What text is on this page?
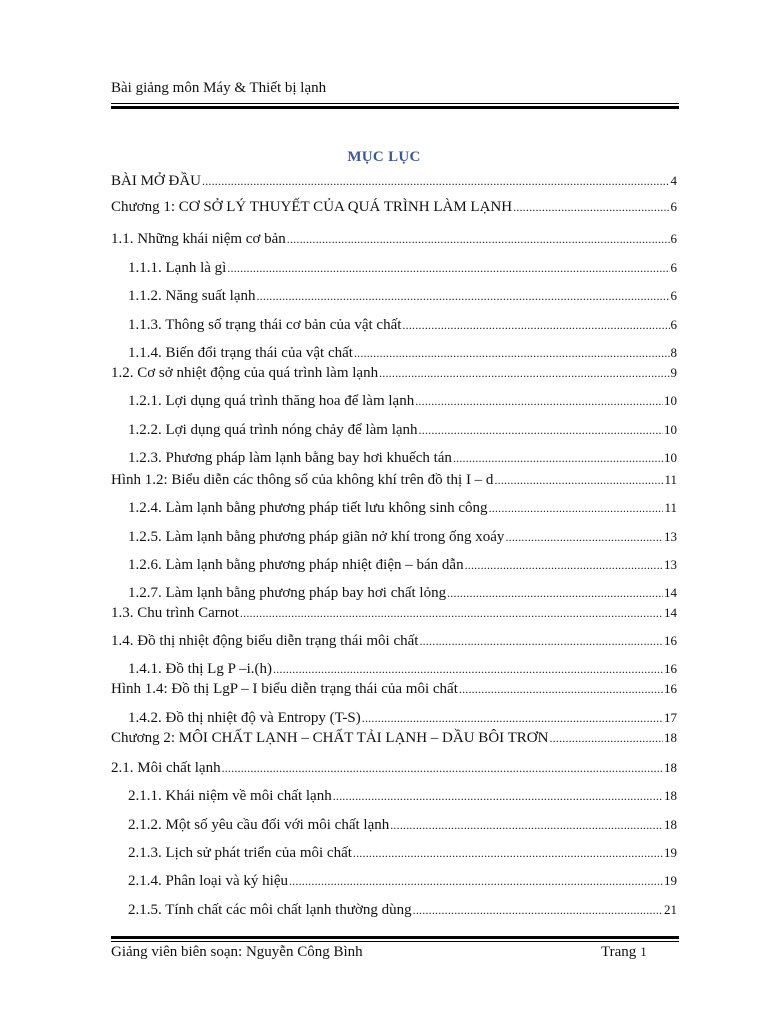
Bài giảng môn Máy & Thiết bị lạnh
MỤC LỤC
BÀI MỞ ĐẦU .....	4
Chương 1: CƠ SỞ LÝ THUYẾT CỦA QUÁ TRÌNH LÀM LẠNH .....	6
1.1. Những khái niệm cơ bản .....	6
1.1.1. Lạnh là gì .....	6
1.1.2. Năng suất lạnh .....	6
1.1.3. Thông số trạng thái cơ bản của vật chất .....	6
1.1.4. Biến đổi trạng thái của vật chất .....	8
1.2. Cơ sở nhiệt động của quá trình làm lạnh .....	9
1.2.1. Lợi dụng quá trình thăng hoa để làm lạnh .....	10
1.2.2. Lợi dụng quá trình nóng chảy để làm lạnh .....	10
1.2.3. Phương pháp làm lạnh bằng bay hơi khuếch tán .....	10
Hình 1.2: Biểu diễn các thông số của không khí trên đồ thị I – d .....	11
1.2.4. Làm lạnh bằng phương pháp tiết lưu không sinh công .....	11
1.2.5. Làm lạnh bằng phương pháp giãn nở khí trong ống xoáy .....	13
1.2.6. Làm lạnh bằng phương pháp nhiệt điện – bán dẫn .....	13
1.2.7. Làm lạnh bằng phương pháp bay hơi chất lỏng .....	14
1.3. Chu trình Carnot .....	14
1.4. Đồ thị nhiệt động biểu diễn trạng thái môi chất .....	16
1.4.1. Đồ thị Lg P –i.(h) .....	16
Hình 1.4: Đồ thị LgP – I biểu diễn trạng thái của môi chất .....	16
1.4.2. Đồ thị nhiệt độ và Entropy (T-S) .....	17
Chương 2: MÔI CHẤT LẠNH – CHẤT TẢI LẠNH – DẦU BÔI TRƠN .....	18
2.1. Môi chất lạnh .....	18
2.1.1. Khái niệm về môi chất lạnh .....	18
2.1.2. Một số yêu cầu đối với môi chất lạnh .....	18
2.1.3. Lịch sử phát triển của môi chất .....	19
2.1.4. Phân loại và ký hiệu .....	19
2.1.5. Tính chất các môi chất lạnh thường dùng .....	21
Giảng viên biên soạn: Nguyễn Công Bình	Trang 1
